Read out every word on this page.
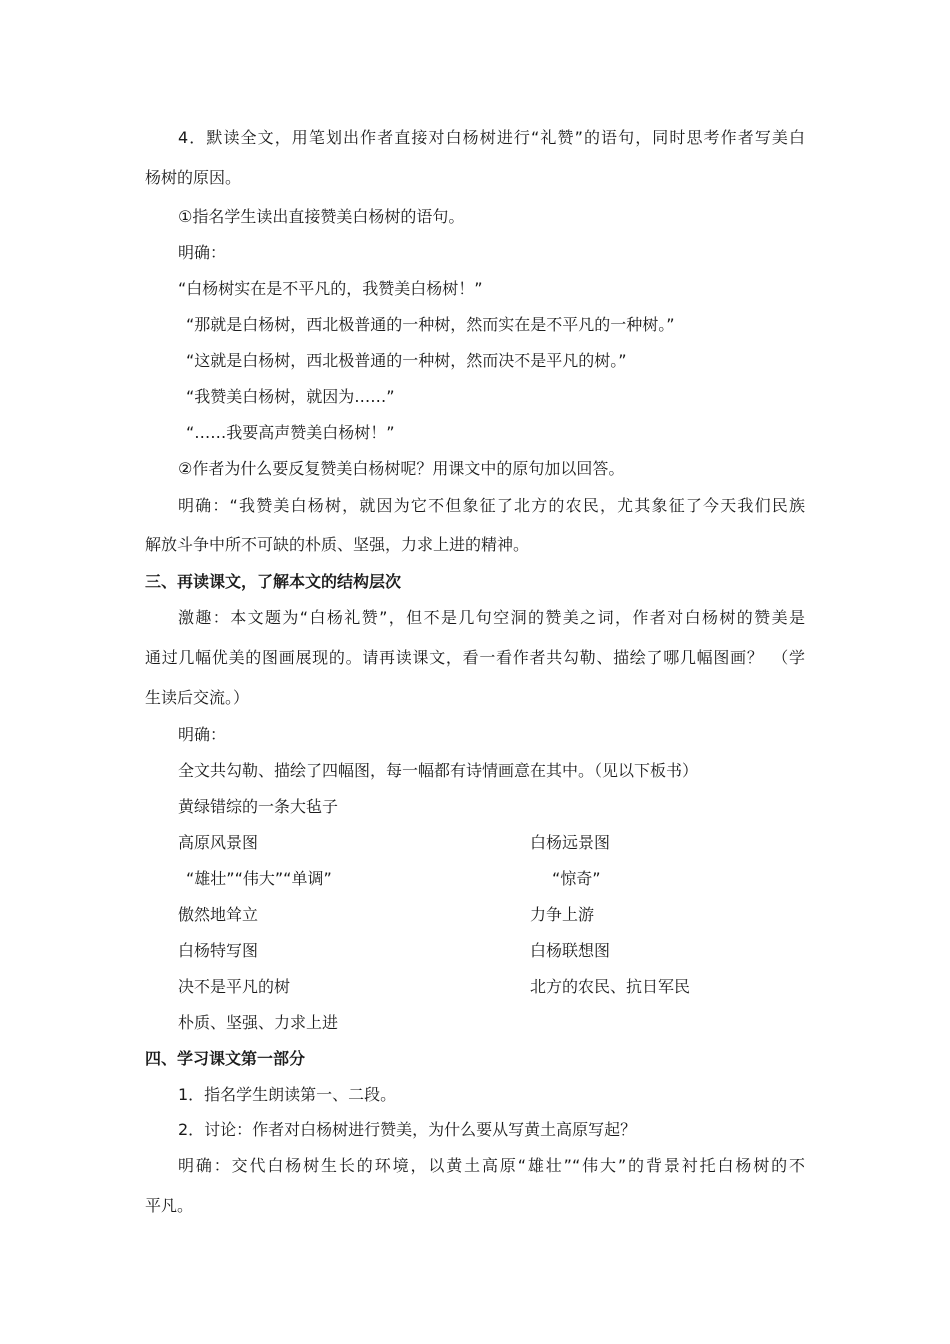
4．默读全文，用笔划出作者直接对白杨树进行“礼赞”的语句，同时思考作者写美白
杨树的原因。
①指名学生读出直接赞美白杨树的语句。
明确：
“白杨树实在是不平凡的，我赞美白杨树！”
“那就是白杨树，西北极普通的一种树，然而实在是不平凡的一种树。”
“这就是白杨树，西北极普通的一种树，然而决不是平凡的树。”
“我赞美白杨树，就因为……”
“……我要高声赞美白杨树！”
②作者为什么要反复赞美白杨树呢？用课文中的原句加以回答。
明确：“我赞美白杨树，就因为它不但象征了北方的农民，尤其象征了今天我们民族
解放斗争中所不可缺的朴质、坚强，力求上进的精神。
三、再读课文，了解本文的结构层次
激趣：本文题为“白杨礼赞”，但不是几句空洞的赞美之词，作者对白杨树的赞美是
通过几幅优美的图画展现的。请再读课文，看一看作者共勾勒、描绘了哪几幅图画？　（学
生读后交流。）
明确：
全文共勾勒、描绘了四幅图，每一幅都有诗情画意在其中。（见以下板书）
黄绿错综的一条大毡子
高原风景图	白杨远景图
“雄壮”“伟大”“单调”	“惊奇”
傲然地耸立	力争上游
白杨特写图	白杨联想图
决不是平凡的树	北方的农民、抗日军民
朴质、坚强、力求上进
四、学习课文第一部分
1．指名学生朗读第一、二段。
2．讨论：作者对白杨树进行赞美，为什么要从写黄土高原写起？
明确：交代白杨树生长的环境，以黄土高原“雄壮”“伟大”的背景衬托白杨树的不
平凡。
